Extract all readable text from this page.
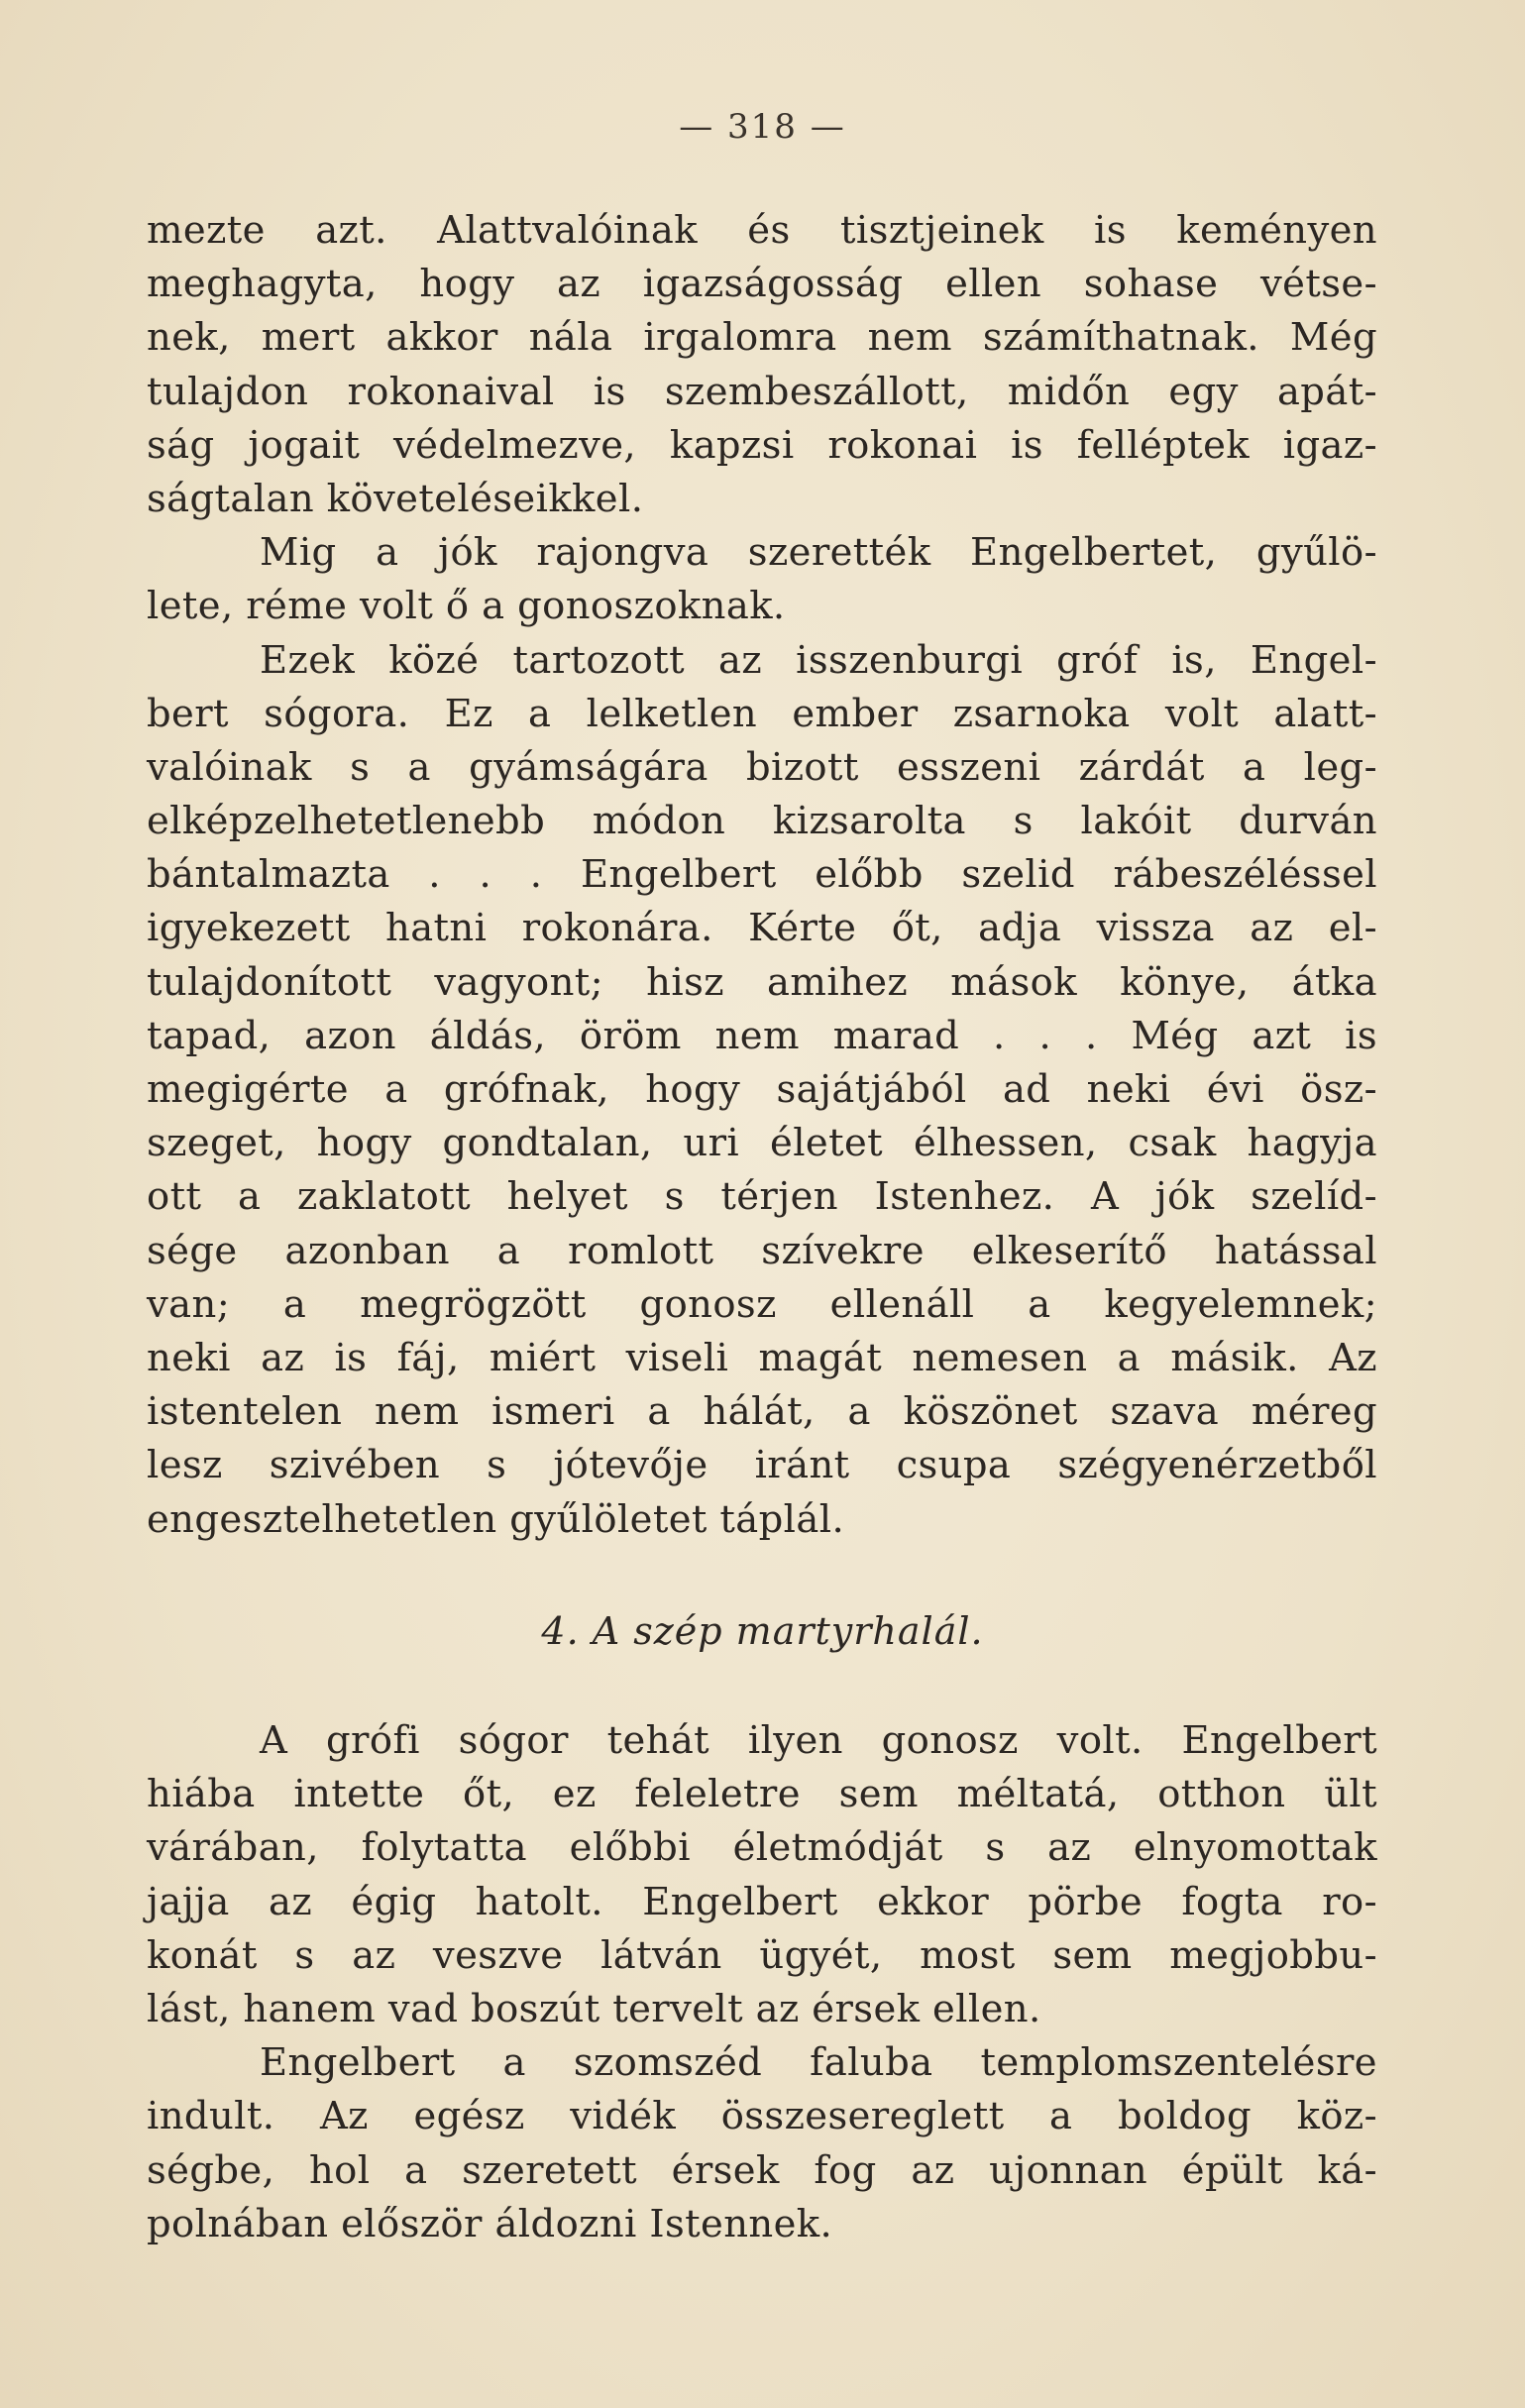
— 318 —
mezte azt. Alattvalóinak és tisztjeinek is keményen
meghagyta, hogy az igazságosság ellen sohase vétse-
nek, mert akkor nála irgalomra nem számíthatnak. Még
tulajdon rokonaival is szembeszállott, midőn egy apát-
ság jogait védelmezve, kapzsi rokonai is felléptek igaz-
ságtalan követeléseikkel.
Mig a jók rajongva szerették Engelbertet, gyűlö-
lete, réme volt ő a gonoszoknak.
Ezek közé tartozott az isszenburgi gróf is, Engel-
bert sógora. Ez a lelketlen ember zsarnoka volt alatt-
valóinak s a gyámságára bizott esszeni zárdát a leg-
elképzelhetetlenebb módon kizsarolta s lakóit durván
bántalmazta . . . Engelbert előbb szelid rábeszéléssel
igyekezett hatni rokonára. Kérte őt, adja vissza az el-
tulajdonított vagyont; hisz amihez mások könye, átka
tapad, azon áldás, öröm nem marad . . . Még azt is
megigérte a grófnak, hogy sajátjából ad neki évi ösz-
szeget, hogy gondtalan, uri életet élhessen, csak hagyja
ott a zaklatott helyet s térjen Istenhez. A jók szelíd-
sége azonban a romlott szívekre elkeserítő hatással
van; a megrögzött gonosz ellenáll a kegyelemnek;
neki az is fáj, miért viseli magát nemesen a másik. Az
istentelen nem ismeri a hálát, a köszönet szava méreg
lesz szivében s jótevője iránt csupa szégyenérzetből
engesztelhetetlen gyűlöletet táplál.
4. A szép martyrhalál.
A grófi sógor tehát ilyen gonosz volt. Engelbert
hiába intette őt, ez feleletre sem méltatá, otthon ült
várában, folytatta előbbi életmódját s az elnyomottak
jajja az égig hatolt. Engelbert ekkor pörbe fogta ro-
konát s az veszve látván ügyét, most sem megjobbu-
lást, hanem vad boszút tervelt az érsek ellen.
Engelbert a szomszéd faluba templomszentelésre
indult. Az egész vidék összesereglett a boldog köz-
ségbe, hol a szeretett érsek fog az ujonnan épült ká-
polnában először áldozni Istennek.
